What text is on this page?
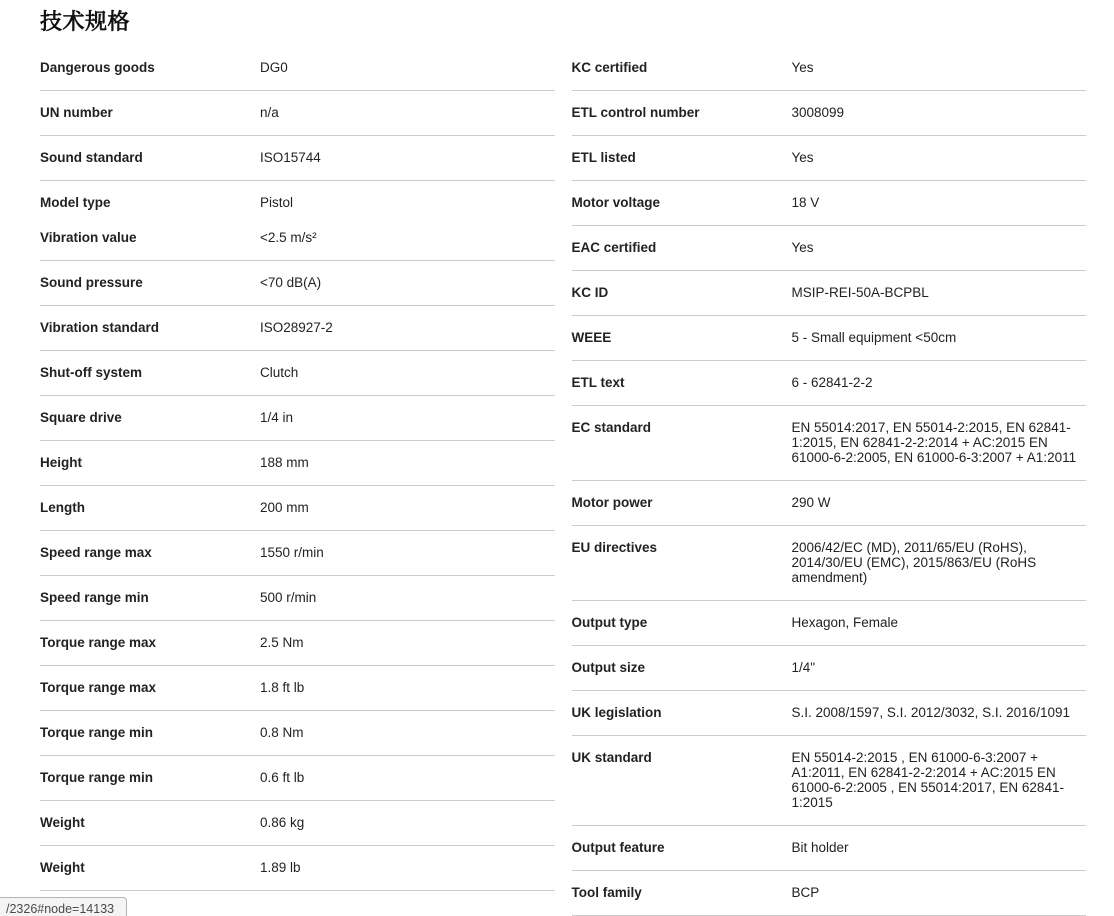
技术规格
Dangerous goods	DG0
UN number	n/a
Sound standard	ISO15744
Model type	Pistol
Vibration value	<2.5 m/s²
Sound pressure	<70 dB(A)
Vibration standard	ISO28927-2
Shut-off system	Clutch
Square drive	1/4 in
Height	188 mm
Length	200 mm
Speed range max	1550 r/min
Speed range min	500 r/min
Torque range max	2.5 Nm
Torque range max	1.8 ft lb
Torque range min	0.8 Nm
Torque range min	0.6 ft lb
Weight	0.86 kg
Weight	1.89 lb
KC certified	Yes
ETL control number	3008099
ETL listed	Yes
Motor voltage	18 V
EAC certified	Yes
KC ID	MSIP-REI-50A-BCPBL
WEEE	5 - Small equipment <50cm
ETL text	6 - 62841-2-2
EC standard	EN 55014:2017, EN 55014-2:2015, EN 62841-1:2015, EN 62841-2-2:2014 + AC:2015 EN 61000-6-2:2005, EN 61000-6-3:2007 + A1:2011
Motor power	290 W
EU directives	2006/42/EC (MD), 2011/65/EU (RoHS), 2014/30/EU (EMC), 2015/863/EU (RoHS amendment)
Output type	Hexagon, Female
Output size	1/4"
UK legislation	S.I. 2008/1597, S.I. 2012/3032, S.I. 2016/1091
UK standard	EN 55014-2:2015 , EN 61000-6-3:2007 + A1:2011, EN 62841-2-2:2014 + AC:2015 EN 61000-6-2:2005 , EN 55014:2017, EN 62841-1:2015
Output feature	Bit holder
Tool family	BCP
/2326#node=14133
